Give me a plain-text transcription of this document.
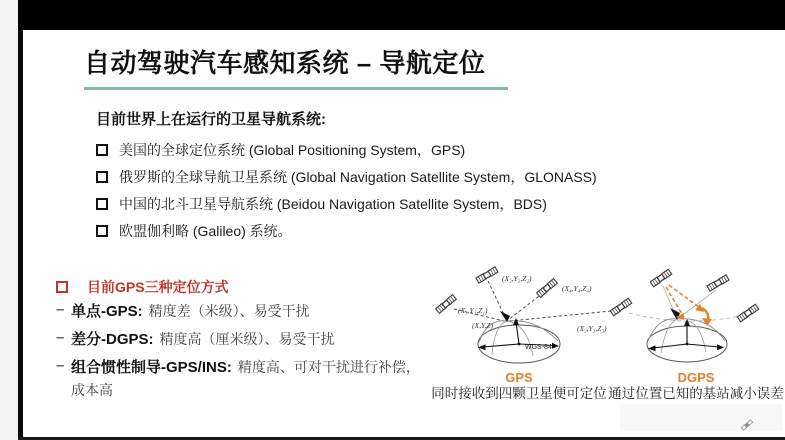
自动驾驶汽车感知系统 – 导航定位
目前世界上在运行的卫星导航系统:
美国的全球定位系统 (Global Positioning System，GPS)
俄罗斯的全球导航卫星系统 (Global Navigation Satellite System，GLONASS)
中国的北斗卫星导航系统 (Beidou Navigation Satellite System，BDS)
欧盟伽利略 (Galileo) 系统。
目前GPS三种定位方式
– 单点-GPS: 精度差（米级）、易受干扰
– 差分-DGPS: 精度高（厘米级）、易受干扰
– 组合惯性制导-GPS/INS: 精度高、可对干扰进行补偿，成本高
(X₂,Y₂,Z₂)
(X₄,Y₄,Z₄)
(X₁,Y₁,Z₁)
(X₃,Y₃,Z₃)
(X,Y,Z)
WGS-84
GPS
同时接收到四颗卫星便可定位
DGPS
通过位置已知的基站减小误差
